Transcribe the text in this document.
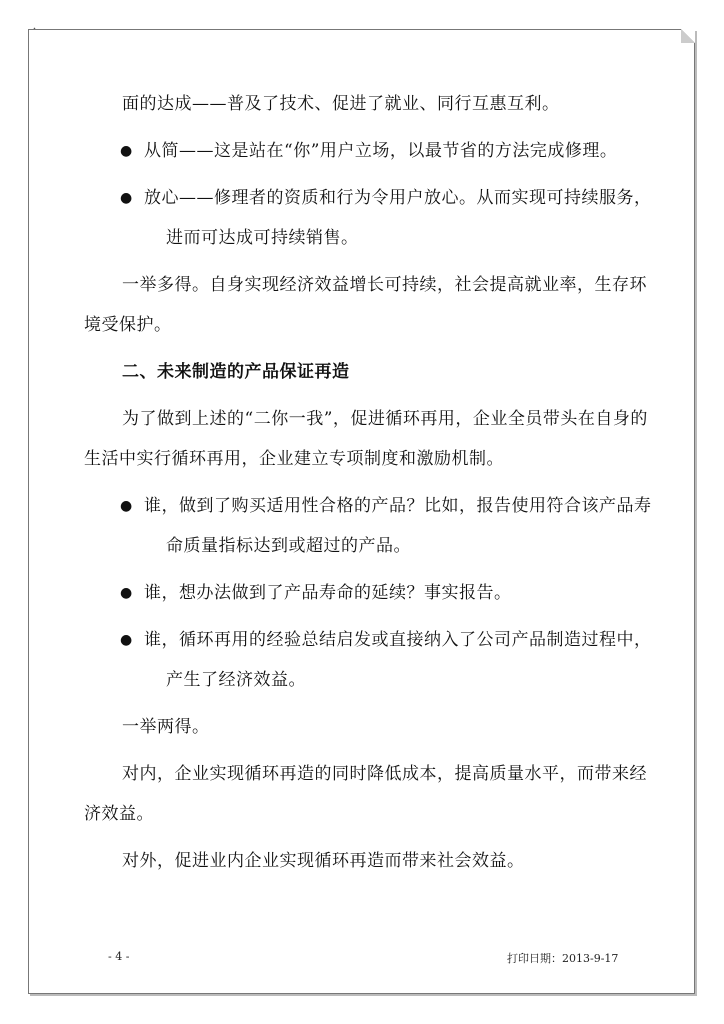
面的达成——普及了技术、促进了就业、同行互惠互利。

● 从简——这是站在“你”用户立场，以最节省的方法完成修理。

● 放心——修理者的资质和行为令用户放心。从而实现可持续服务，

进而可达成可持续销售。

一举多得。自身实现经济效益增长可持续，社会提高就业率，生存环

境受保护。

二、未来制造的产品保证再造

为了做到上述的“二你一我”，促进循环再用，企业全员带头在自身的

生活中实行循环再用，企业建立专项制度和激励机制。

● 谁，做到了购买适用性合格的产品？比如，报告使用符合该产品寿

命质量指标达到或超过的产品。

● 谁，想办法做到了产品寿命的延续？事实报告。

● 谁，循环再用的经验总结启发或直接纳入了公司产品制造过程中，

产生了经济效益。

一举两得。

对内，企业实现循环再造的同时降低成本，提高质量水平，而带来经

济效益。

对外，促进业内企业实现循环再造而带来社会效益。

- 4 -	打印日期：2013-9-17
